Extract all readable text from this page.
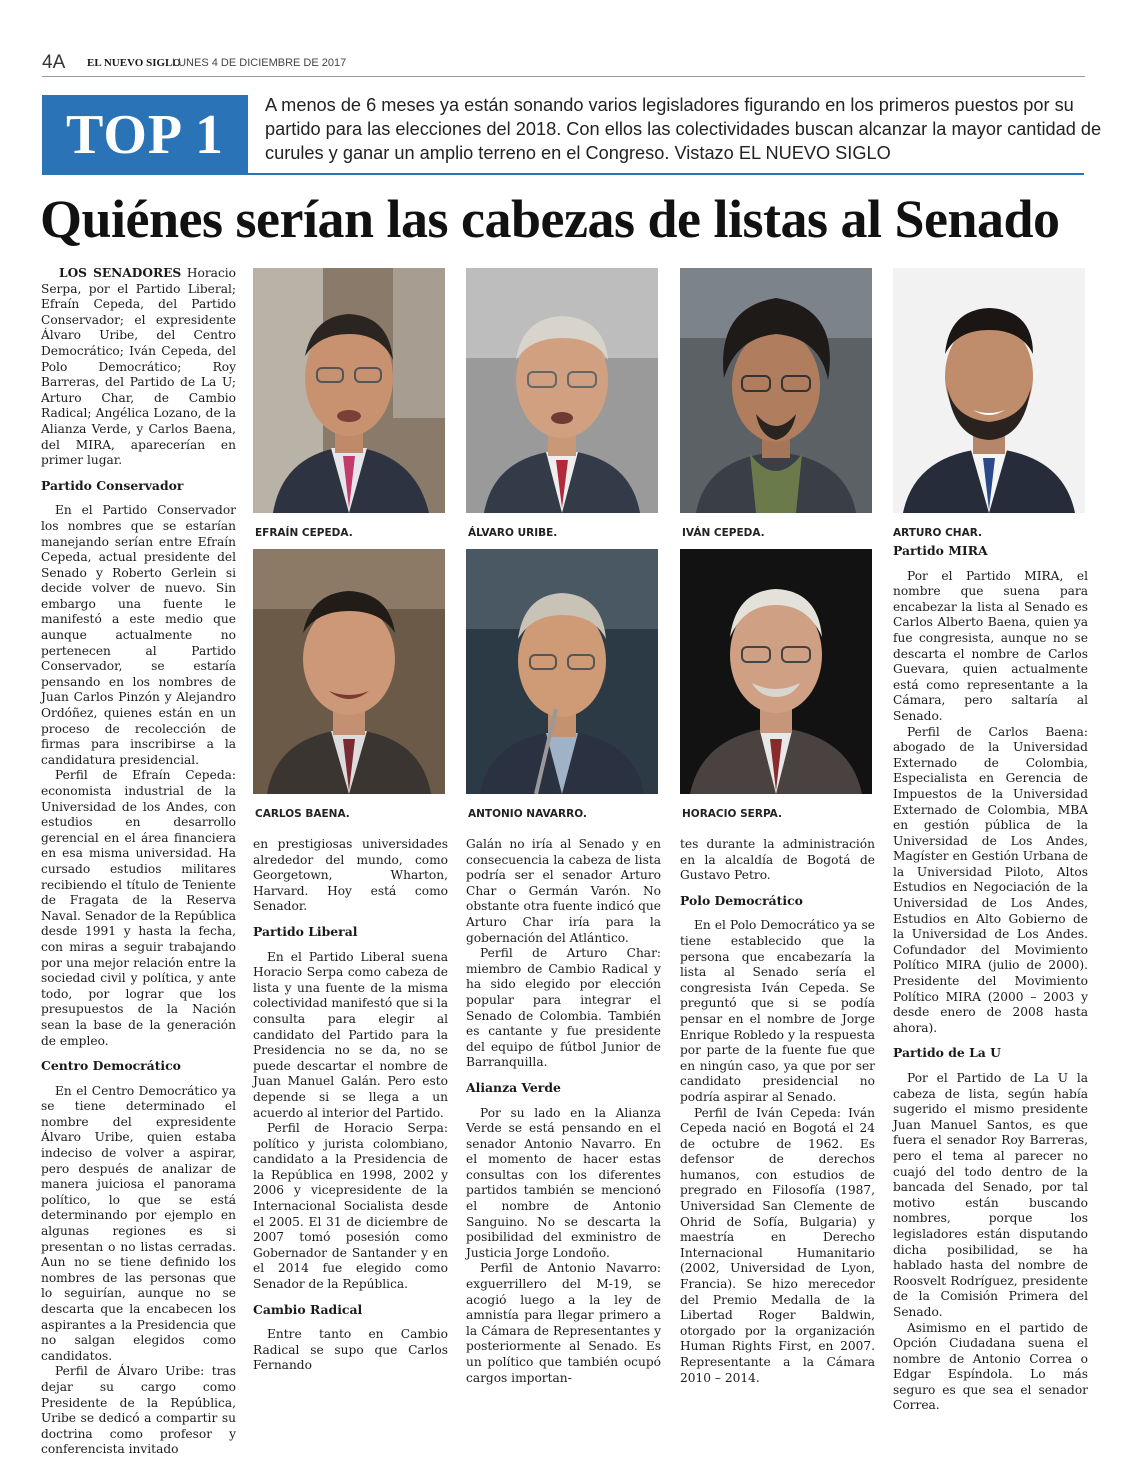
4A EL NUEVO SIGLO
LUNES 4 DE DICIEMBRE DE 2017
TOP 1	A menos de 6 meses ya están sonando varios legisladores figurando en los primeros puestos por su partido para las elecciones del 2018. Con ellos las colectividades buscan alcanzar la mayor cantidad de curules y ganar un amplio terreno en el Congreso. Vistazo EL NUEVO SIGLO
Quiénes serían las cabezas de listas al Senado
EFRAÍN CEPEDA.	ÁLVARO URIBE.	IVÁN CEPEDA.	ARTURO CHAR.
CARLOS BAENA.	ANTONIO NAVARRO.	HORACIO SERPA.

LOS SENADORES Horacio Serpa, por el Partido Liberal; Efraín Cepeda, del Partido Conservador; el expresidente Álvaro Uribe, del Centro Democrático; Iván Cepeda, del Polo Democrático; Roy Barreras, del Partido de La U; Arturo Char, de Cambio Radical; Angélica Lozano, de la Alianza Verde, y Carlos Baena, del MIRA, aparecerían en primer lugar.

Partido Conservador

En el Partido Conservador los nombres que se estarían manejando serían entre Efraín Cepeda, actual presidente del Senado y Roberto Gerlein si decide volver de nuevo. Sin embargo una fuente le manifestó a este medio que aunque actualmente no pertenecen al Partido Conservador, se estaría pensando en los nombres de Juan Carlos Pinzón y Alejandro Ordóñez, quienes están en un proceso de recolección de firmas para inscribirse a la candidatura presidencial.

Perfil de Efraín Cepeda: economista industrial de la Universidad de los Andes, con estudios en desarrollo gerencial en el área financiera en esa misma universidad. Ha cursado estudios militares recibiendo el título de Teniente de Fragata de la Reserva Naval. Senador de la República desde 1991 y hasta la fecha, con miras a seguir trabajando por una mejor relación entre la sociedad civil y política, y ante todo, por lograr que los presupuestos de la Nación sean la base de la generación de empleo.

Centro Democrático

En el Centro Democrático ya se tiene determinado el nombre del expresidente Álvaro Uribe, quien estaba indeciso de volver a aspirar, pero después de analizar de manera juiciosa el panorama político, lo que se está determinando por ejemplo en algunas regiones es si presentan o no listas cerradas. Aun no se tiene definido los nombres de las personas que lo seguirían, aunque no se descarta que la encabecen los aspirantes a la Presidencia que no salgan elegidos como candidatos.

Perfil de Álvaro Uribe: tras dejar su cargo como Presidente de la República, Uribe se dedicó a compartir su doctrina como profesor y conferencista invitado

en prestigiosas universidades alrededor del mundo, como Georgetown, Wharton, Harvard. Hoy está como Senador.

Partido Liberal

En el Partido Liberal suena Horacio Serpa como cabeza de lista y una fuente de la misma colectividad manifestó que si la consulta para elegir al candidato del Partido para la Presidencia no se da, no se puede descartar el nombre de Juan Manuel Galán. Pero esto depende si se llega a un acuerdo al interior del Partido.

Perfil de Horacio Serpa: político y jurista colombiano, candidato a la Presidencia de la República en 1998, 2002 y 2006 y vicepresidente de la Internacional Socialista desde el 2005. El 31 de diciembre de 2007 tomó posesión como Gobernador de Santander y en el 2014 fue elegido como Senador de la República.

Cambio Radical

Entre tanto en Cambio Radical se supo que Carlos Fernando

Galán no iría al Senado y en consecuencia la cabeza de lista podría ser el senador Arturo Char o Germán Varón. No obstante otra fuente indicó que Arturo Char iría para la gobernación del Atlántico.

Perfil de Arturo Char: miembro de Cambio Radical y ha sido elegido por elección popular para integrar el Senado de Colombia. También es cantante y fue presidente del equipo de fútbol Junior de Barranquilla.

Alianza Verde

Por su lado en la Alianza Verde se está pensando en el senador Antonio Navarro. En el momento de hacer estas consultas con los diferentes partidos también se mencionó el nombre de Antonio Sanguino. No se descarta la posibilidad del exministro de Justicia Jorge Londoño.

Perfil de Antonio Navarro: exguerrillero del M-19, se acogió luego a la ley de amnistía para llegar primero a la Cámara de Representantes y posteriormente al Senado. Es un político que también ocupó cargos importan-

tes durante la administración en la alcaldía de Bogotá de Gustavo Petro.

Polo Democrático

En el Polo Democrático ya se tiene establecido que la persona que encabezaría la lista al Senado sería el congresista Iván Cepeda. Se preguntó que si se podía pensar en el nombre de Jorge Enrique Robledo y la respuesta por parte de la fuente fue que en ningún caso, ya que por ser candidato presidencial no podría aspirar al Senado.

Perfil de Iván Cepeda: Iván Cepeda nació en Bogotá el 24 de octubre de 1962. Es defensor de derechos humanos, con estudios de pregrado en Filosofía (1987, Universidad San Clemente de Ohrid de Sofía, Bulgaria) y maestría en Derecho Internacional Humanitario (2002, Universidad de Lyon, Francia). Se hizo merecedor del Premio Medalla de la Libertad Roger Baldwin, otorgado por la organización Human Rights First, en 2007. Representante a la Cámara 2010 – 2014.

Partido MIRA

Por el Partido MIRA, el nombre que suena para encabezar la lista al Senado es Carlos Alberto Baena, quien ya fue congresista, aunque no se descarta el nombre de Carlos Guevara, quien actualmente está como representante a la Cámara, pero saltaría al Senado.

Perfil de Carlos Baena: abogado de la Universidad Externado de Colombia, Especialista en Gerencia de Impuestos de la Universidad Externado de Colombia, MBA en gestión pública de la Universidad de Los Andes, Magíster en Gestión Urbana de la Universidad Piloto, Altos Estudios en Negociación de la Universidad de Los Andes, Estudios en Alto Gobierno de la Universidad de Los Andes. Cofundador del Movimiento Político MIRA (julio de 2000). Presidente del Movimiento Político MIRA (2000 – 2003 y desde enero de 2008 hasta ahora).

Partido de La U

Por el Partido de La U la cabeza de lista, según había sugerido el mismo presidente Juan Manuel Santos, es que fuera el senador Roy Barreras, pero el tema al parecer no cuajó del todo dentro de la bancada del Senado, por tal motivo están buscando nombres, porque los legisladores están disputando dicha posibilidad, se ha hablado hasta del nombre de Roosvelt Rodríguez, presidente de la Comisión Primera del Senado.

Asimismo en el partido de Opción Ciudadana suena el nombre de Antonio Correa o Edgar Espíndola. Lo más seguro es que sea el senador Correa.
